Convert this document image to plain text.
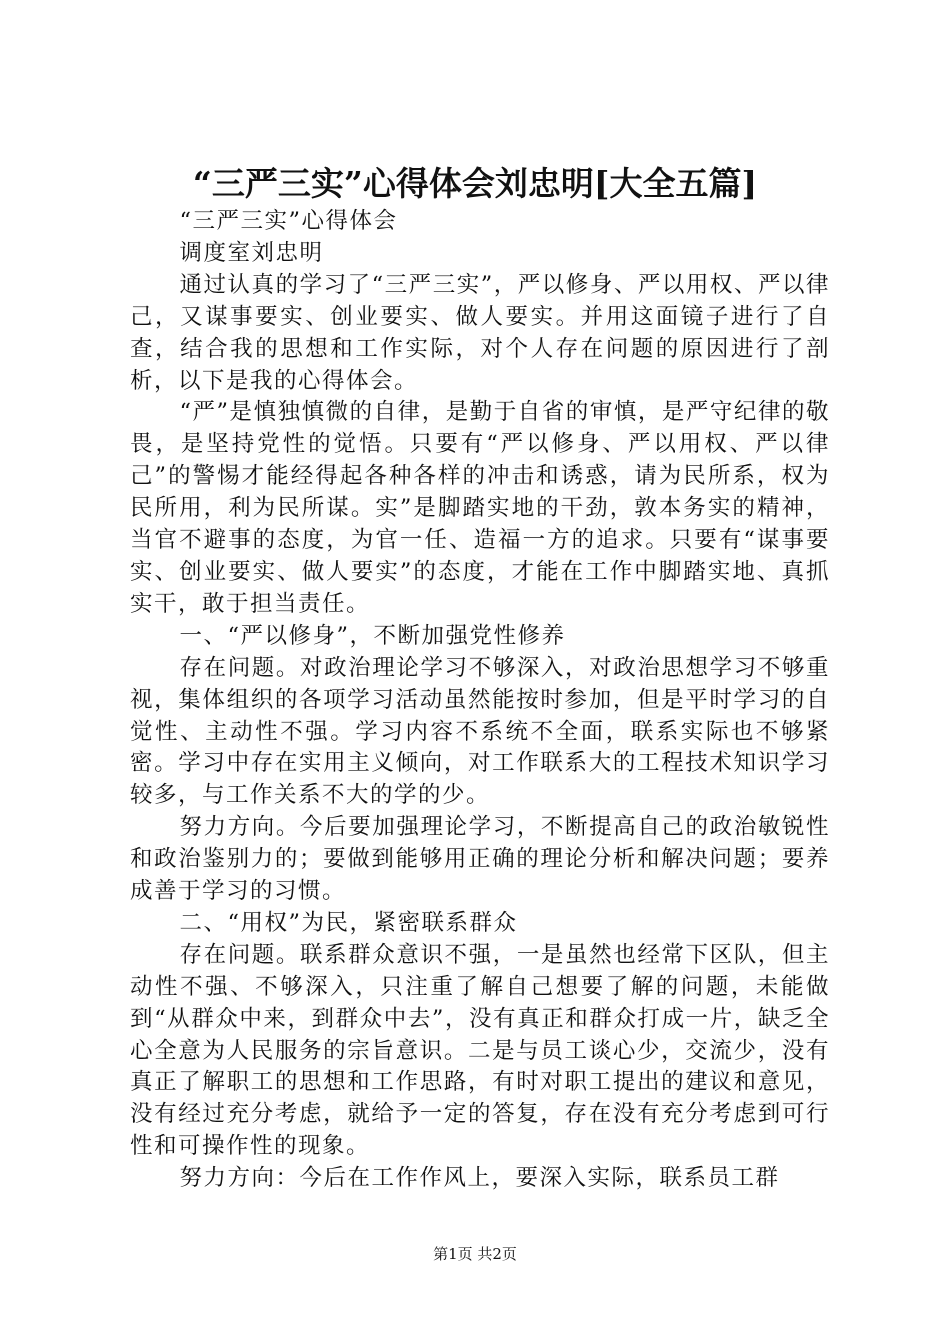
“三严三实”心得体会刘忠明[大全五篇]

“三严三实”心得体会

调度室刘忠明

通过认真的学习了“三严三实”，严以修身、严以用权、严以律己，又谋事要实、创业要实、做人要实。并用这面镜子进行了自查，结合我的思想和工作实际，对个人存在问题的原因进行了剖析，以下是我的心得体会。

“严”是慎独慎微的自律，是勤于自省的审慎，是严守纪律的敬畏，是坚持党性的觉悟。只要有“严以修身、严以用权、严以律己”的警惕才能经得起各种各样的冲击和诱惑，请为民所系，权为民所用，利为民所谋。实”是脚踏实地的干劲，敦本务实的精神，当官不避事的态度，为官一任、造福一方的追求。只要有“谋事要实、创业要实、做人要实”的态度，才能在工作中脚踏实地、真抓实干，敢于担当责任。

一、“严以修身”，不断加强党性修养

存在问题。对政治理论学习不够深入，对政治思想学习不够重视，集体组织的各项学习活动虽然能按时参加，但是平时学习的自觉性、主动性不强。学习内容不系统不全面，联系实际也不够紧密。学习中存在实用主义倾向，对工作联系大的工程技术知识学习较多，与工作关系不大的学的少。

努力方向。今后要加强理论学习，不断提高自己的政治敏锐性和政治鉴别力的；要做到能够用正确的理论分析和解决问题；要养成善于学习的习惯。

二、“用权”为民，紧密联系群众

存在问题。联系群众意识不强，一是虽然也经常下区队，但主动性不强、不够深入，只注重了解自己想要了解的问题，未能做到“从群众中来，到群众中去”，没有真正和群众打成一片，缺乏全心全意为人民服务的宗旨意识。二是与员工谈心少，交流少，没有真正了解职工的思想和工作思路，有时对职工提出的建议和意见，没有经过充分考虑，就给予一定的答复，存在没有充分考虑到可行性和可操作性的现象。

努力方向：今后在工作作风上，要深入实际，联系员工群

第1页 共2页
